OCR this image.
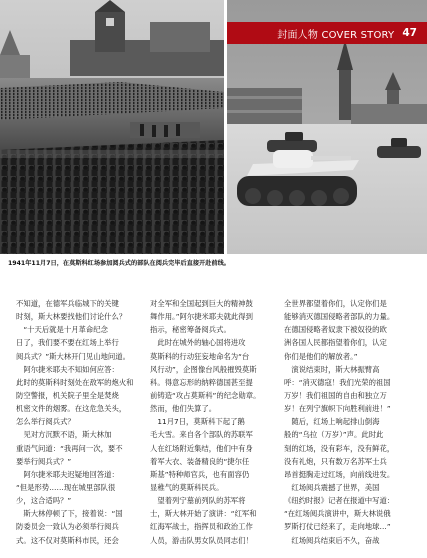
封面人物 COVER STORY 47
1941年11月7日，在莫斯科红场参加阅兵式的部队在阅兵完毕后直接开赴前线。
不知道，在德军兵临城下的关键
时刻，斯大林要找他们讨论什么？
　“十天后就是十月革命纪念
日了，我们要不要在红场上举行
阅兵式？”斯大林开门见山地问道。
　阿尔捷米耶夫不知如何应答：
此时的莫斯科时刻处在敌军的炮火和
防空警报，机关院子里全是焚烧
机密文件的烟雾。在这危急关头，
怎么举行阅兵式？
　见对方沉默不语，斯大林加
重语气问道：“我再问一次，要不
要举行阅兵式？”
　阿尔捷米耶夫迟疑地回答道：
“但是形势……现在城里部队很
少，这合适吗？”
　斯大林停顿了下，接着说：“国
防委员会一致认为必须举行阅兵
式。这不仅对莫斯科市民，还会
对全军和全国起到巨大的精神鼓
舞作用。”阿尔捷米耶夫就此得到
指示，秘密筹备阅兵式。
　此时在城外的轴心国将进攻
莫斯科的行动狂妄地命名为“台
风行动”，企图像台风般摧毁莫斯
科。得意忘形的纳粹德国甚至提
前铸造“攻占莫斯科”的纪念勋章。
然而，他们失算了。
　11月7日，莫斯科下起了鹅
毛大雪。来自各个部队的苏联军
人在红场附近集结，他们中有身
着军大衣、装备精良的“捷尔任
斯基”特种师官兵，也有面容仍
显稚气的莫斯科民兵。
　望着列宁墓前列队的苏军将
士，斯大林开始了演讲：“红军和
红海军战士，指挥员和政治工作
人员，游击队男女队员同志们！
全世界都望着你们，认定你们是
能够消灭德国侵略者部队的力量。
在德国侵略者奴隶下被奴役的欧
洲各国人民都指望着你们，认定
你们是他们的解放者。”
　演说结束时，斯大林振臂高
呼：“消灭德寇！我们光荣的祖国
万岁！我们祖国的自由和独立万
岁！在列宁旗帜下向胜利前进！”
　随后，红场上响起排山倒海
般的“乌拉（万岁）”声。此时此
刻的红场，没有彩车，没有鲜花，
没有礼炮，只有数万名苏军士兵
昂首挺胸走过红场，向前线进发。
　红场阅兵震撼了世界，美国
《纽约时报》记者在报道中写道：
“在红场阅兵演讲中，斯大林说俄
罗斯打仗已经来了，走向地球…”
　红场阅兵结束后不久，奋战
